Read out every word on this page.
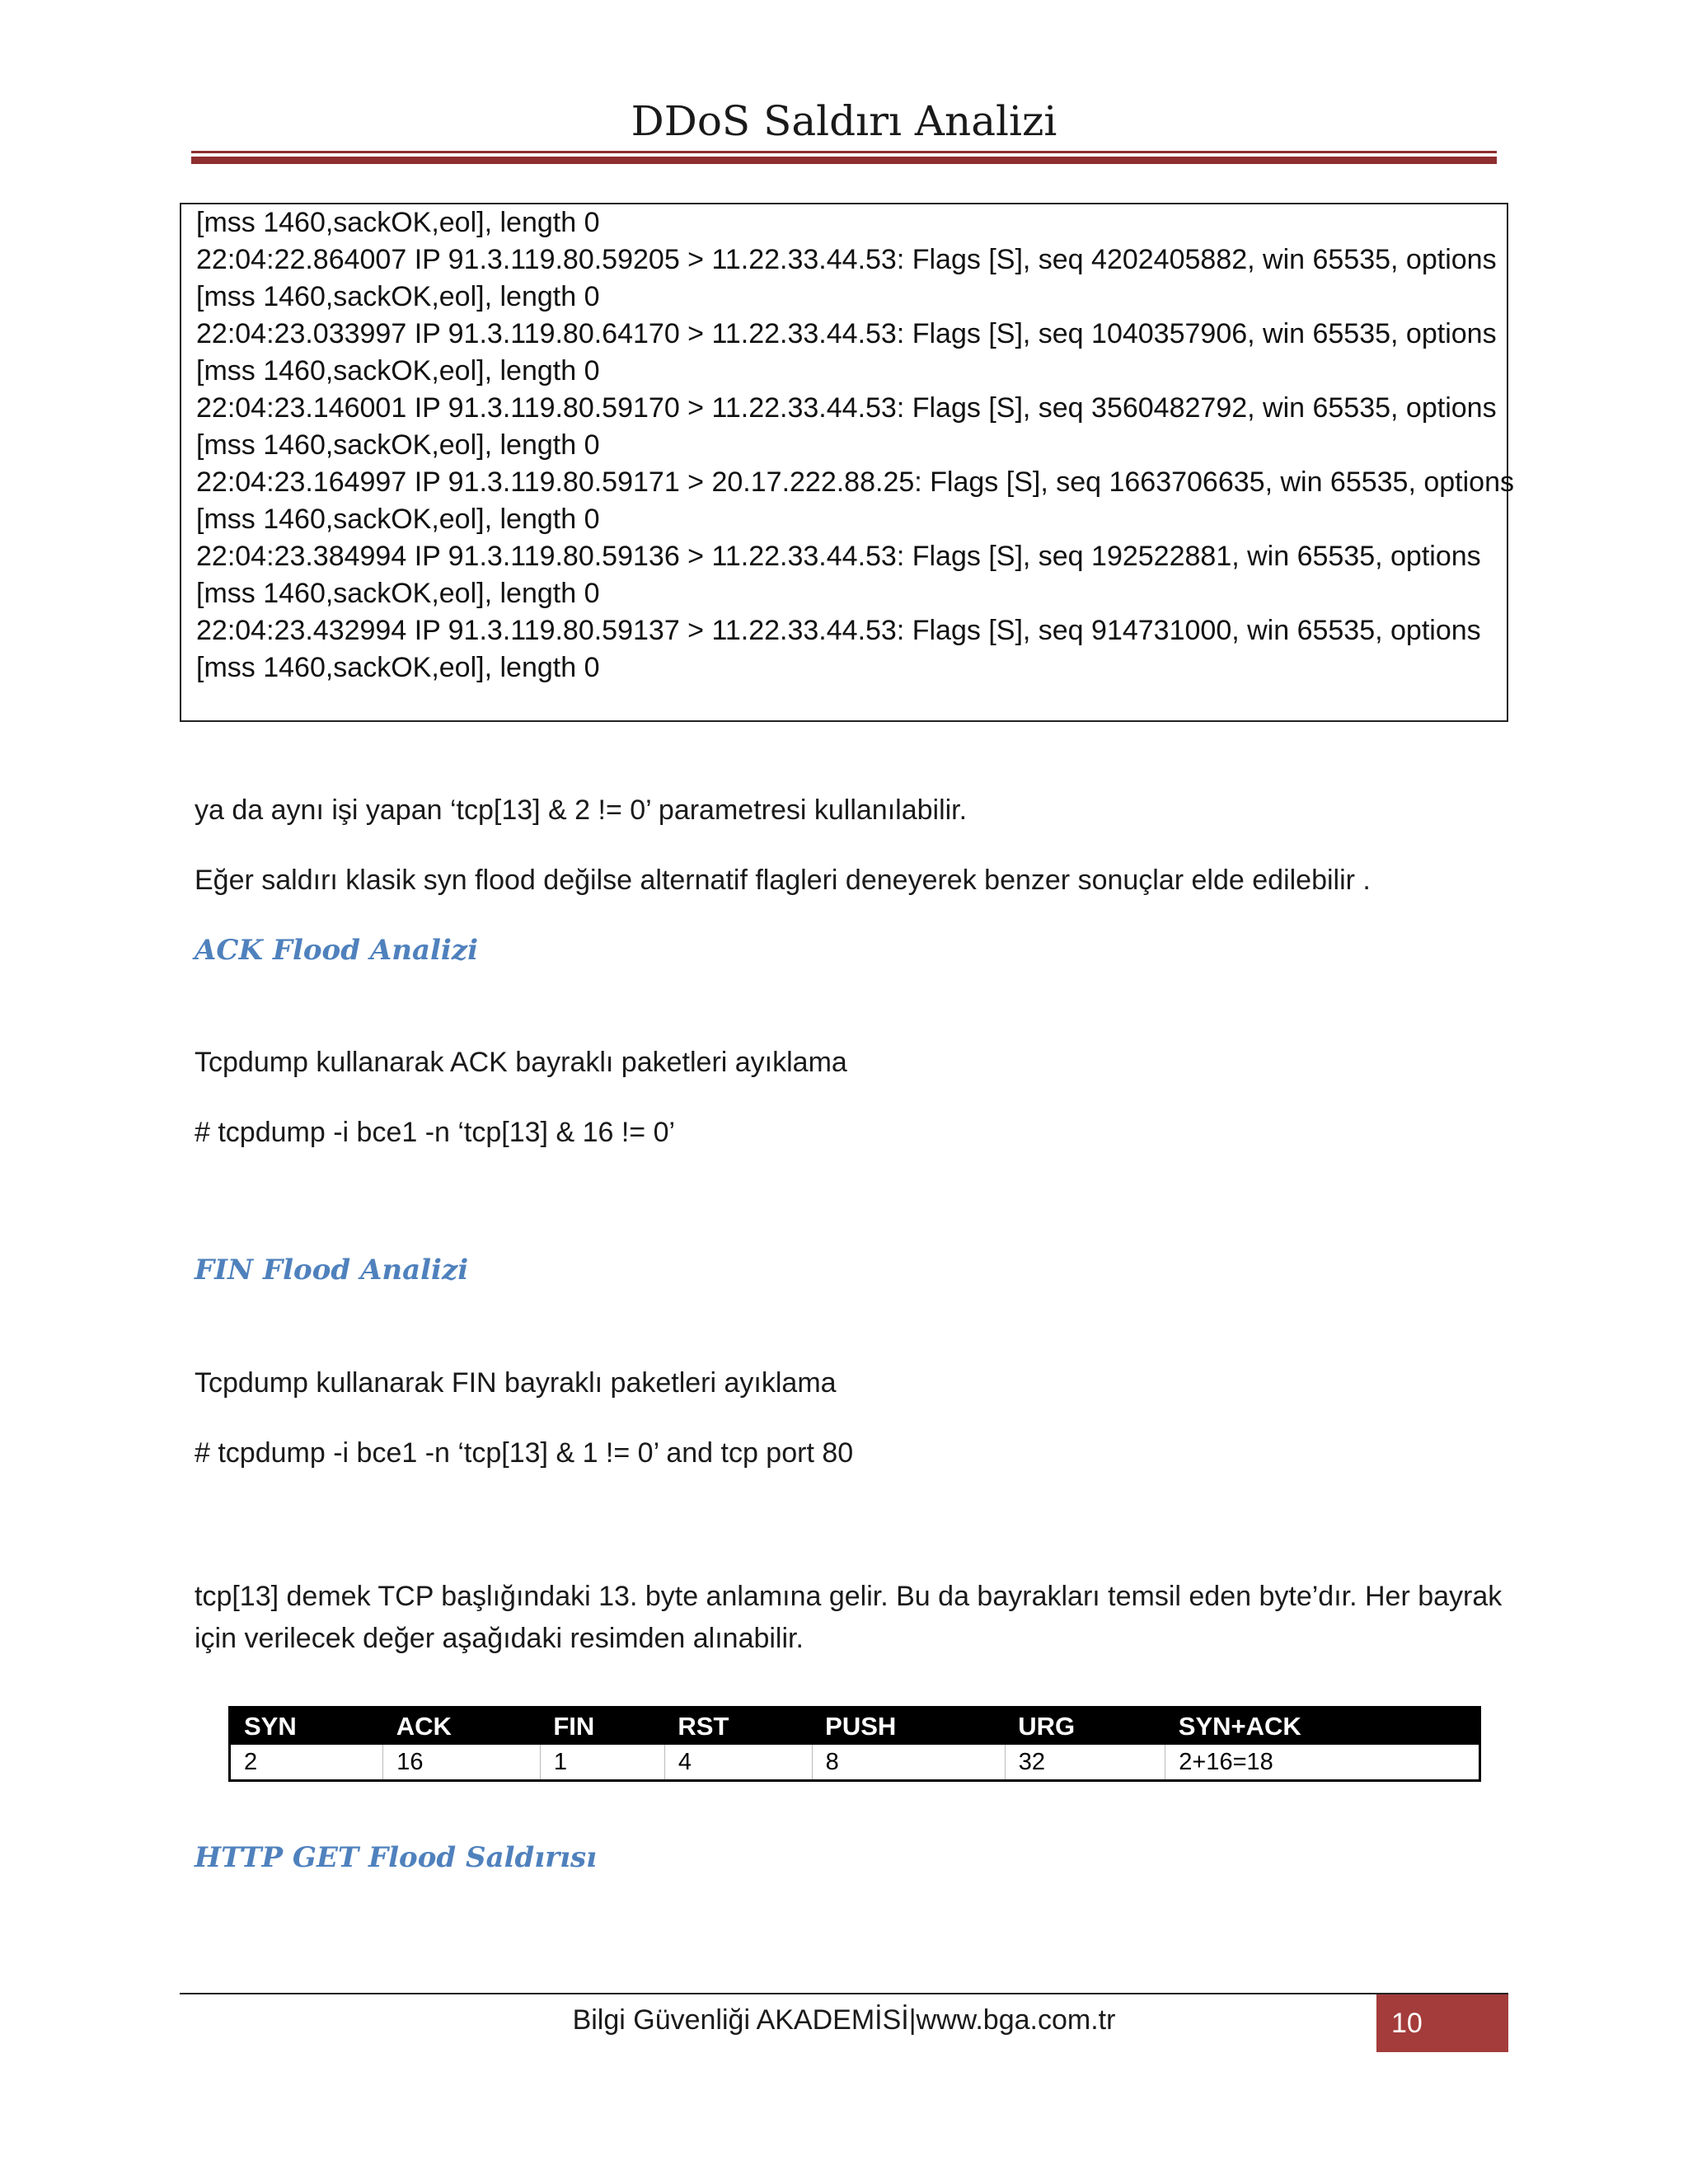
DDoS Saldırı Analizi
[mss 1460,sackOK,eol], length 0
22:04:22.864007 IP 91.3.119.80.59205 > 11.22.33.44.53: Flags [S], seq 4202405882, win 65535, options
[mss 1460,sackOK,eol], length 0
22:04:23.033997 IP 91.3.119.80.64170 > 11.22.33.44.53: Flags [S], seq 1040357906, win 65535, options
[mss 1460,sackOK,eol], length 0
22:04:23.146001 IP 91.3.119.80.59170 > 11.22.33.44.53: Flags [S], seq 3560482792, win 65535, options
[mss 1460,sackOK,eol], length 0
22:04:23.164997 IP 91.3.119.80.59171 > 20.17.222.88.25: Flags [S], seq 1663706635, win 65535, options
[mss 1460,sackOK,eol], length 0
22:04:23.384994 IP 91.3.119.80.59136 > 11.22.33.44.53: Flags [S], seq 192522881, win 65535, options
[mss 1460,sackOK,eol], length 0
22:04:23.432994 IP 91.3.119.80.59137 > 11.22.33.44.53: Flags [S], seq 914731000, win 65535, options
[mss 1460,sackOK,eol], length 0
ya da aynı işi yapan ‘tcp[13] & 2 != 0’ parametresi kullanılabilir.
Eğer saldırı klasik syn flood değilse alternatif flagleri deneyerek benzer sonuçlar elde edilebilir .
ACK Flood Analizi
Tcpdump kullanarak ACK bayraklı paketleri ayıklama
# tcpdump -i bce1 -n ‘tcp[13] & 16 != 0’
FIN Flood Analizi
Tcpdump kullanarak FIN bayraklı paketleri ayıklama
# tcpdump -i bce1 -n ‘tcp[13] & 1 != 0’ and tcp port 80
tcp[13] demek TCP başlığındaki 13. byte anlamına gelir. Bu da bayrakları temsil eden byte’dır. Her bayrak için verilecek değer aşağıdaki resimden alınabilir.
SYN	ACK	FIN	RST	PUSH	URG	SYN+ACK
2	16	1	4	8	32	2+16=18
HTTP GET Flood Saldırısı
Bilgi Güvenliği AKADEMİSİ|www.bga.com.tr	10
